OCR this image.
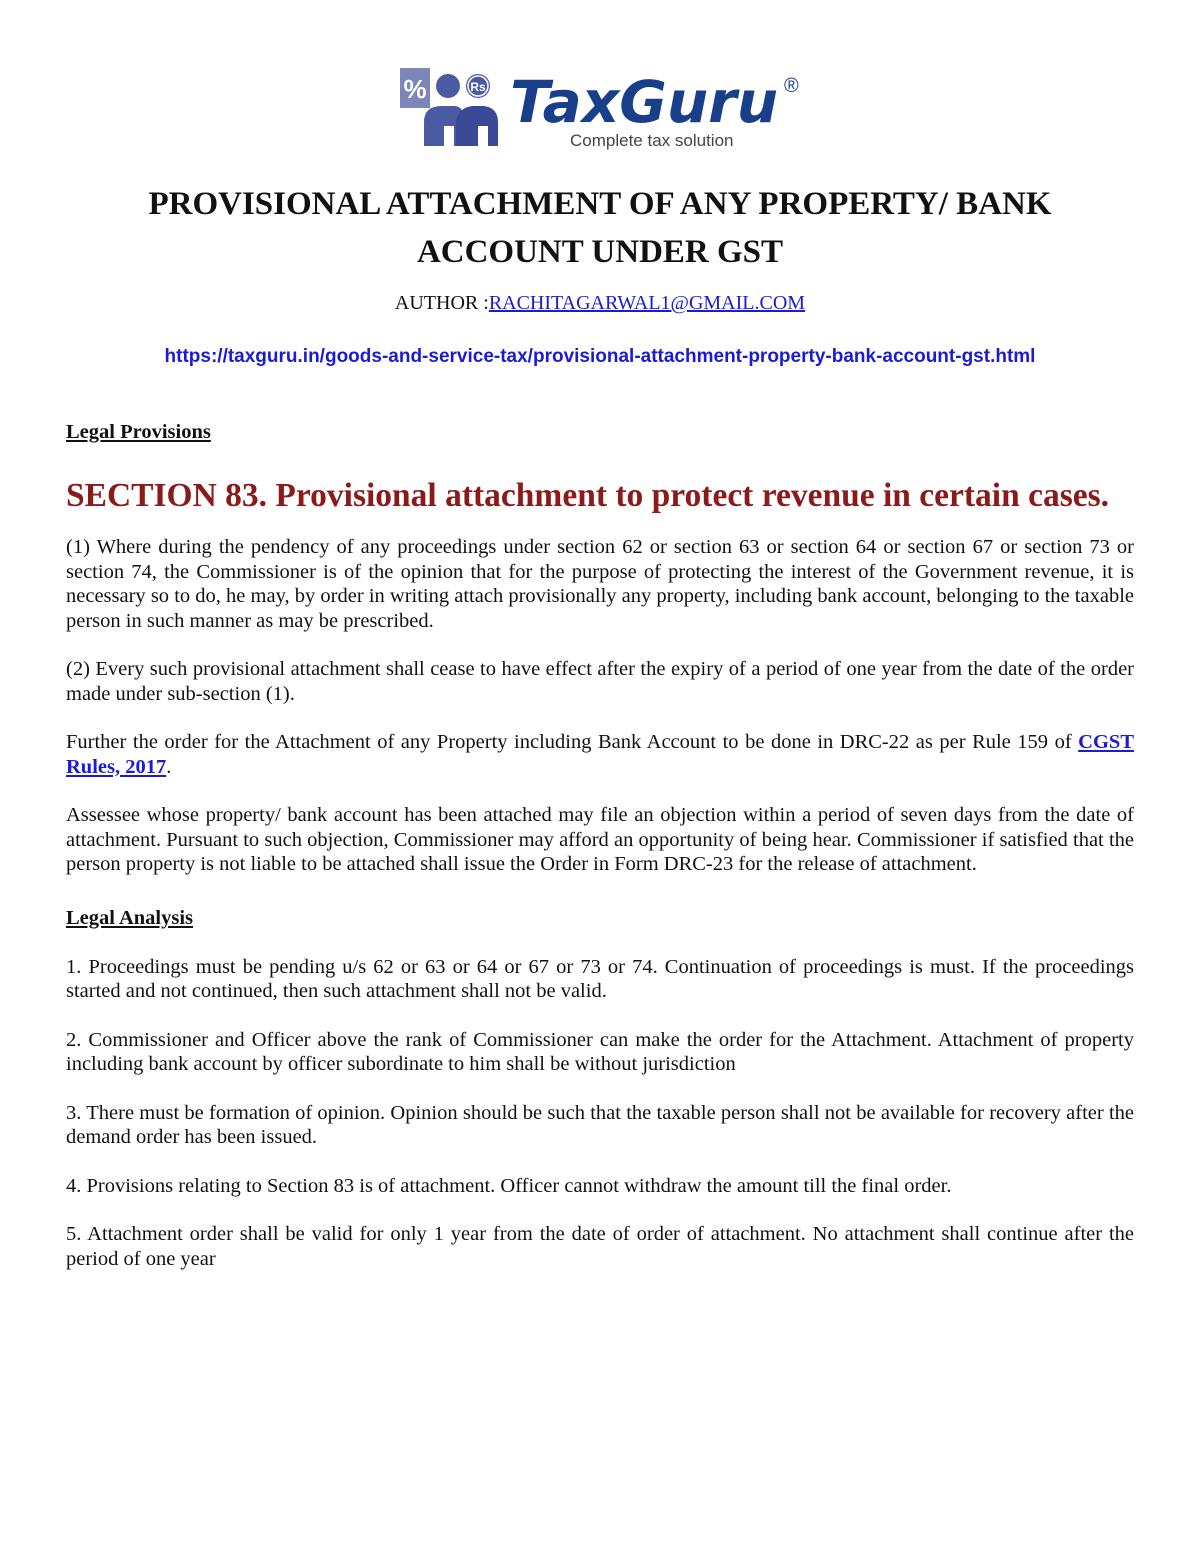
%	Rs TaxGuru ®
Complete tax solution
PROVISIONAL ATTACHMENT OF ANY PROPERTY/ BANK
ACCOUNT UNDER GST
AUTHOR :RACHITAGARWAL1@GMAIL.COM
https://taxguru.in/goods-and-service-tax/provisional-attachment-property-bank-account-gst.html

Legal Provisions

SECTION 83. Provisional attachment to protect revenue in certain cases.

(1) Where during the pendency of any proceedings under section 62 or section 63 or section 64 or section 67 or section 73 or section 74, the Commissioner is of the opinion that for the purpose of protecting the interest of the Government revenue, it is necessary so to do, he may, by order in writing attach provisionally any property, including bank account, belonging to the taxable person in such manner as may be prescribed.

(2) Every such provisional attachment shall cease to have effect after the expiry of a period of one year from the date of the order made under sub-section (1).

Further the order for the Attachment of any Property including Bank Account to be done in DRC-22 as per Rule 159 of CGST Rules, 2017.

Assessee whose property/ bank account has been attached may file an objection within a period of seven days from the date of attachment. Pursuant to such objection, Commissioner may afford an opportunity of being hear. Commissioner if satisfied that the person property is not liable to be attached shall issue the Order in Form DRC-23 for the release of attachment.

Legal Analysis

1. Proceedings must be pending u/s 62 or 63 or 64 or 67 or 73 or 74. Continuation of proceedings is must. If the proceedings started and not continued, then such attachment shall not be valid.

2. Commissioner and Officer above the rank of Commissioner can make the order for the Attachment. Attachment of property including bank account by officer subordinate to him shall be without jurisdiction

3. There must be formation of opinion. Opinion should be such that the taxable person shall not be available for recovery after the demand order has been issued.

4. Provisions relating to Section 83 is of attachment. Officer cannot withdraw the amount till the final order.

5. Attachment order shall be valid for only 1 year from the date of order of attachment. No attachment shall continue after the period of one year
